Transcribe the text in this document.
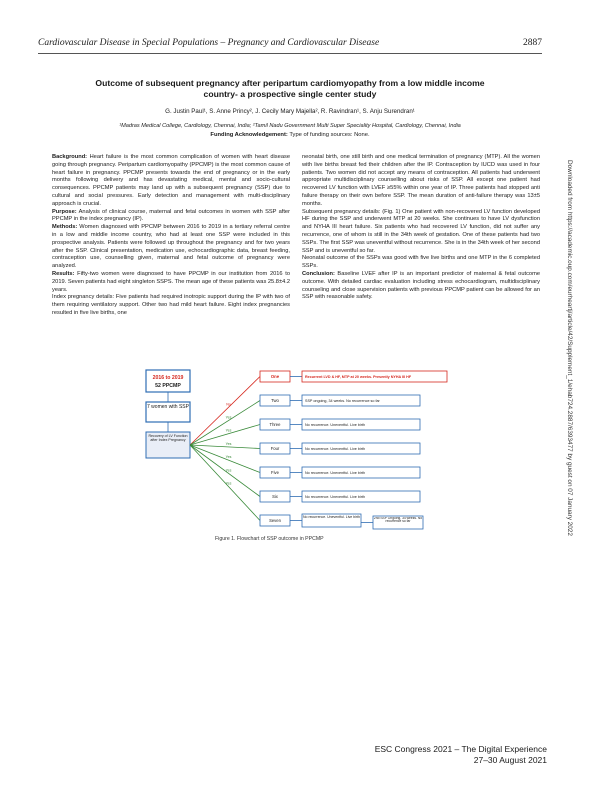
Cardiovascular Disease in Special Populations – Pregnancy and Cardiovascular Disease	2887
Outcome of subsequent pregnancy after peripartum cardiomyopathy from a low middle income
country- a prospective single center study
G. Justin Paul¹, S. Anne Princy², J. Cecily Mary Majella², R. Ravindran¹, S. Anju Surendran¹
¹Madras Medical College, Cardiology, Chennai, India; ²Tamil Nadu Government Multi Super Speciality Hospital, Cardiology, Chennai, India
Funding Acknowledgement: Type of funding sources: None.

Background: Heart failure is the most common complication of women with heart disease going through pregnancy. Peripartum cardiomyopathy (PPCMP) is the most common cause of heart failure in pregnancy. PPCMP presents towards the end of pregnancy or in the early months following delivery and has devastating medical, mental and socio-cultural consequences. PPCMP patients may land up with a subsequent pregnancy (SSP) due to cultural and social pressures. Early detection and management with multi-disciplinary approach is crucial.

Purpose: Analysis of clinical course, maternal and fetal outcomes in women with SSP after PPCMP in the index pregnancy (IP).

Methods: Women diagnosed with PPCMP between 2016 to 2019 in a tertiary referral centre in a low and middle income country, who had at least one SSP were included in this prospective analysis. Patients were followed up throughout the pregnancy and for two years after the SSP. Clinical presentation, medication use, echocardiographic data, breast feeding, contraception use, counselling given, maternal and fetal outcome of pregnancy were analyzed.

Results: Fifty-two women were diagnosed to have PPCMP in our institution from 2016 to 2019. Seven patients had eight singleton SSPS. The mean age of these patients was 25.8±4.2 years.

Index pregnancy details: Five patients had required inotropic support during the IP with two of them requiring ventilatory support. Other two had mild heart failure. Eight index pregnancies resulted in five live births, one

neonatal birth, one still birth and one medical termination of pregnancy (MTP). All the women with live births breast fed their children after the IP. Contraception by IUCD was used in four patients. Two women did not accept any means of contraception. All patients had underwent appropriate multidisciplinary counselling about risks of SSP. All except one patient had recovered LV function with LVEF ≥55% within one year of IP. Three patients had stopped anti failure therapy on their own before SSP. The mean duration of anti-failure therapy was 13±5 months.

Subsequent pregnancy details: (Fig. 1) One patient with non-recovered LV function developed HF during the SSP and underwent MTP at 20 weeks. She continues to have LV dysfunction and NYHA III heart failure. Six patients who had recovered LV function, did not suffer any recurrence, one of whom is still in the 34th week of gestation. One of these patients had two SSPs. The first SSP was uneventful without recurrence. She is in the 34th week of her second SSP and is uneventful so far.

Neonatal outcome of the SSPs was good with five live births and one MTP in the 6 completed SSPs.

Conclusion: Baseline LVEF after IP is an important predictor of maternal & fetal outcome outcome. With detailed cardiac evaluation including stress echocardiogram, multidisciplinary counseling and close supervision patients with previous PPCMP patient can be allowed for an SSP with reasonable safety.	Downloaded from https://academic.oup.com/eurheartj/article/42/Supplement_1/ehab724.2887/6393477 by guest on 07 January 2022
2016 to 2019
52 PPCMP
7 women with SSP
Recovery of LV Function after Index Pregnancy
No
One	Recurrent LVD & HF, MTP at 20 weeks. Presently NYHA III HF
Yes
Two	SSP ongoing, 34 weeks. No recurrence so far
Yes
Three	No recurrence. Uneventful. Live birth
Yes
Four	No recurrence. Uneventful. Live birth
Yes
Five	No recurrence. Uneventful. Live birth
Yes
Six	No recurrence. Uneventful. Live birth
Yes
Seven
No recurrence. Uneventful. Live birth	2nd SSP Ongoing, 34 weeks. No recurrence so far
Figure 1. Flowchart of SSP outcome in PPCMP
ESC Congress 2021 – The Digital Experience
27–30 August 2021
